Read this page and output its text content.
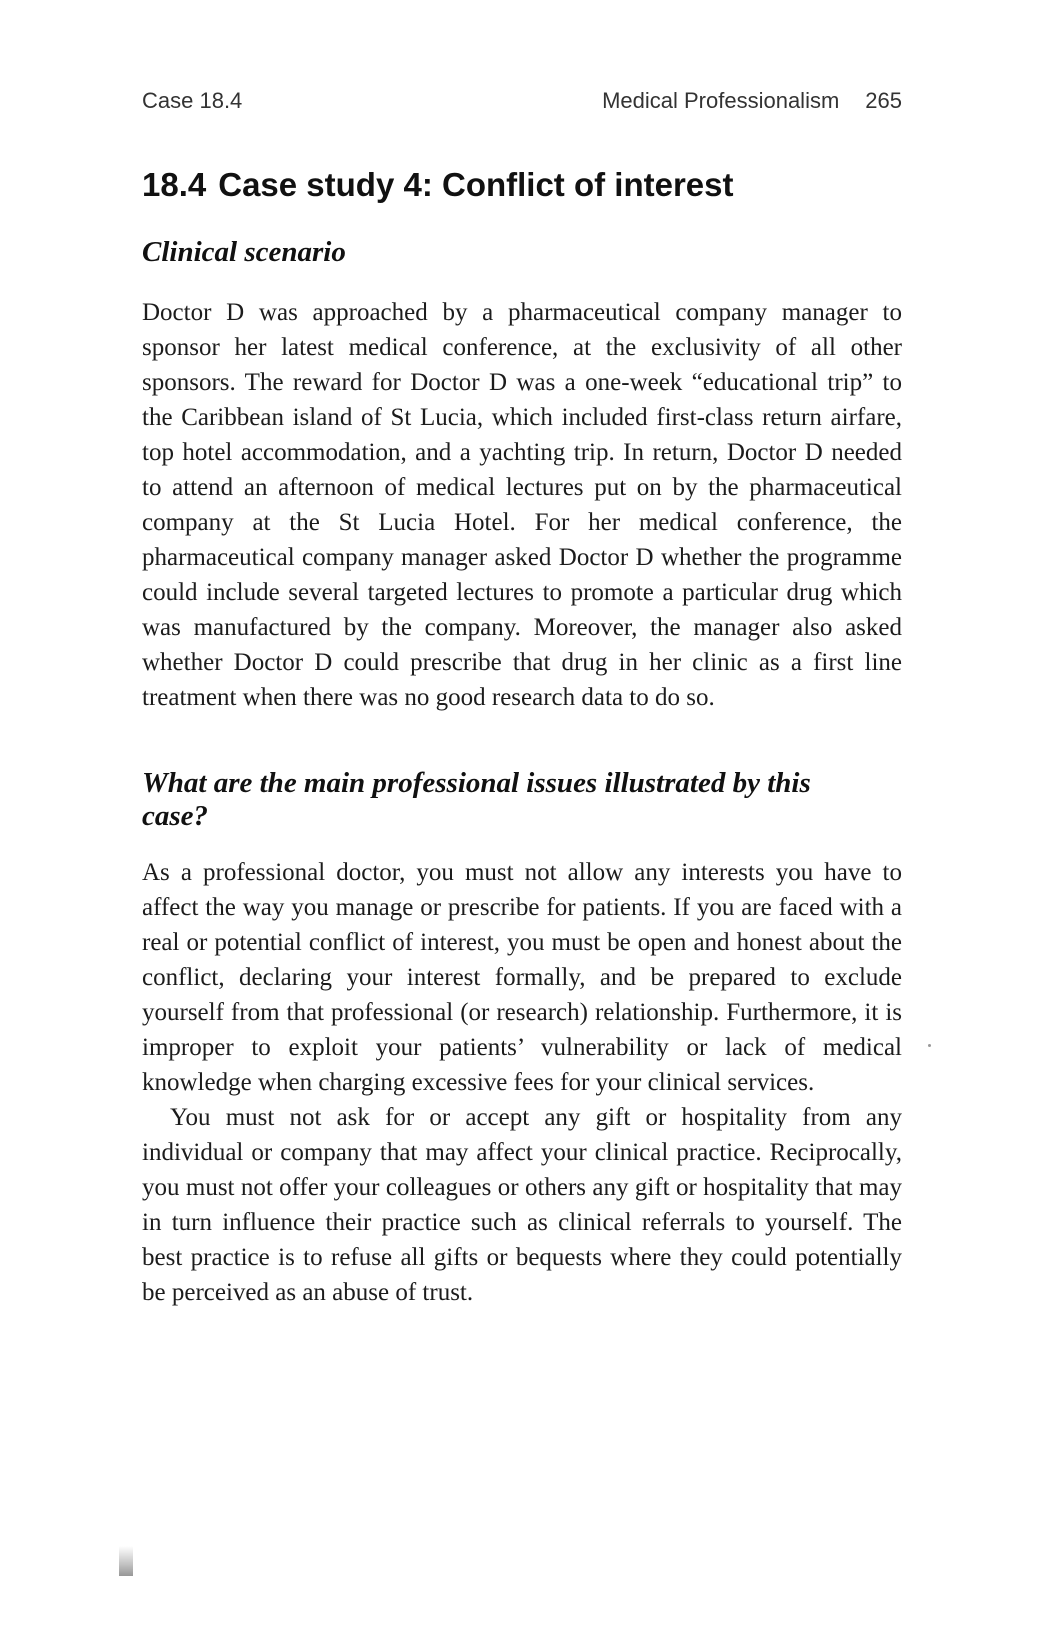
Case 18.4	Medical Professionalism 265
18.4 Case study 4: Conflict of interest
Clinical scenario

Doctor D was approached by a pharmaceutical company manager to sponsor her latest medical conference, at the exclusivity of all other sponsors. The reward for Doctor D was a one-week “educational trip” to the Caribbean island of St Lucia, which included first-class return airfare, top hotel accommodation, and a yachting trip. In return, Doctor D needed to attend an afternoon of medical lectures put on by the pharmaceutical company at the St Lucia Hotel. For her medical conference, the pharmaceutical company manager asked Doctor D whether the programme could include several targeted lectures to promote a particular drug which was manufactured by the company. Moreover, the manager also asked whether Doctor D could prescribe that drug in her clinic as a first line treatment when there was no good research data to do so.

What are the main professional issues illustrated by this case?

As a professional doctor, you must not allow any interests you have to affect the way you manage or prescribe for patients. If you are faced with a real or potential conflict of interest, you must be open and honest about the conflict, declaring your interest formally, and be prepared to exclude yourself from that professional (or research) relationship. Furthermore, it is improper to exploit your patients’ vulnerability or lack of medical knowledge when charging excessive fees for your clinical services.

You must not ask for or accept any gift or hospitality from any individual or company that may affect your clinical practice. Reciprocally, you must not offer your colleagues or others any gift or hospitality that may in turn influence their practice such as clinical referrals to yourself. The best practice is to refuse all gifts or bequests where they could potentially be perceived as an abuse of trust.
